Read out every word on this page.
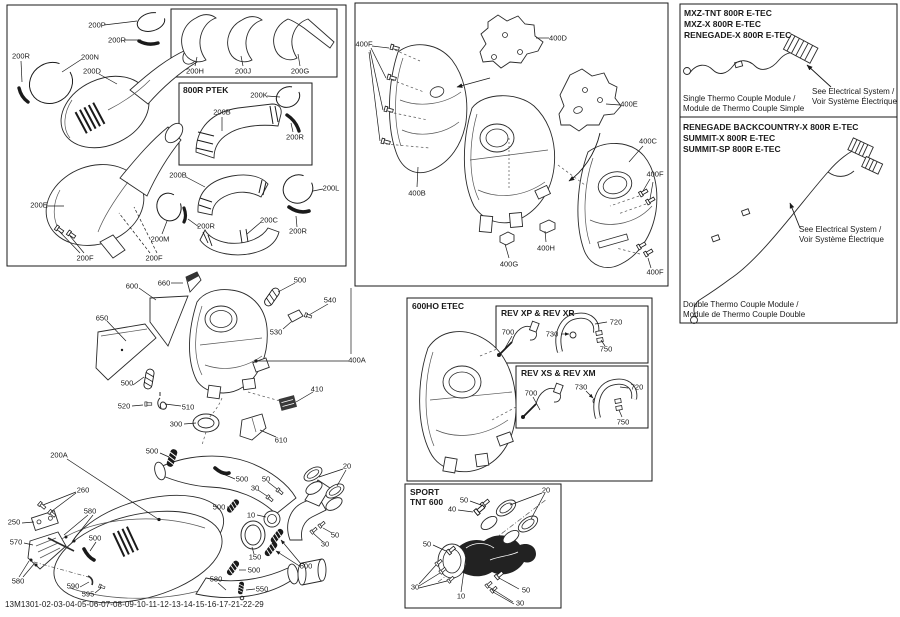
800R PTEK
600HO ETEC
REV XP & REV XR
REV XS & REV XM
SPORT
TNT 600
MXZ-TNT 800R E-TEC
MXZ-X 800R E-TEC
RENEGADE-X 800R E-TEC
See Electrical System /
Voir Système Électrique
Single Thermo Couple Module /
Module de Thermo Couple Simple
RENEGADE BACKCOUNTRY-X 800R E-TEC
SUMMIT-X 800R E-TEC
SUMMIT-SP 800R E-TEC
See Electrical System /
Voir Système Électrique
Double Thermo Couple Module /
Module de Thermo Couple Double
200P
200R
200R	200N
200D	200H	200J	200G
200K
200B
200R
200B
200L
200E
200C
200R
200R
200M
200F	200F
400F
400D
400E
400C
400F
400B
400H
400G
400F
600	660
650
500
540
530
400A
500
520	510
300
410
610
700	730
720
750
700
730	720
750
200A	500
260
250
580
570	500
580
590
595
500 50
30
500
10
20
50
30
150
500
500
580
550
50
40
20
50
30
10
50
30
13M1301-02-03-04-05-06-07-08-09-10-11-12-13-14-15-16-17-21-22-29
